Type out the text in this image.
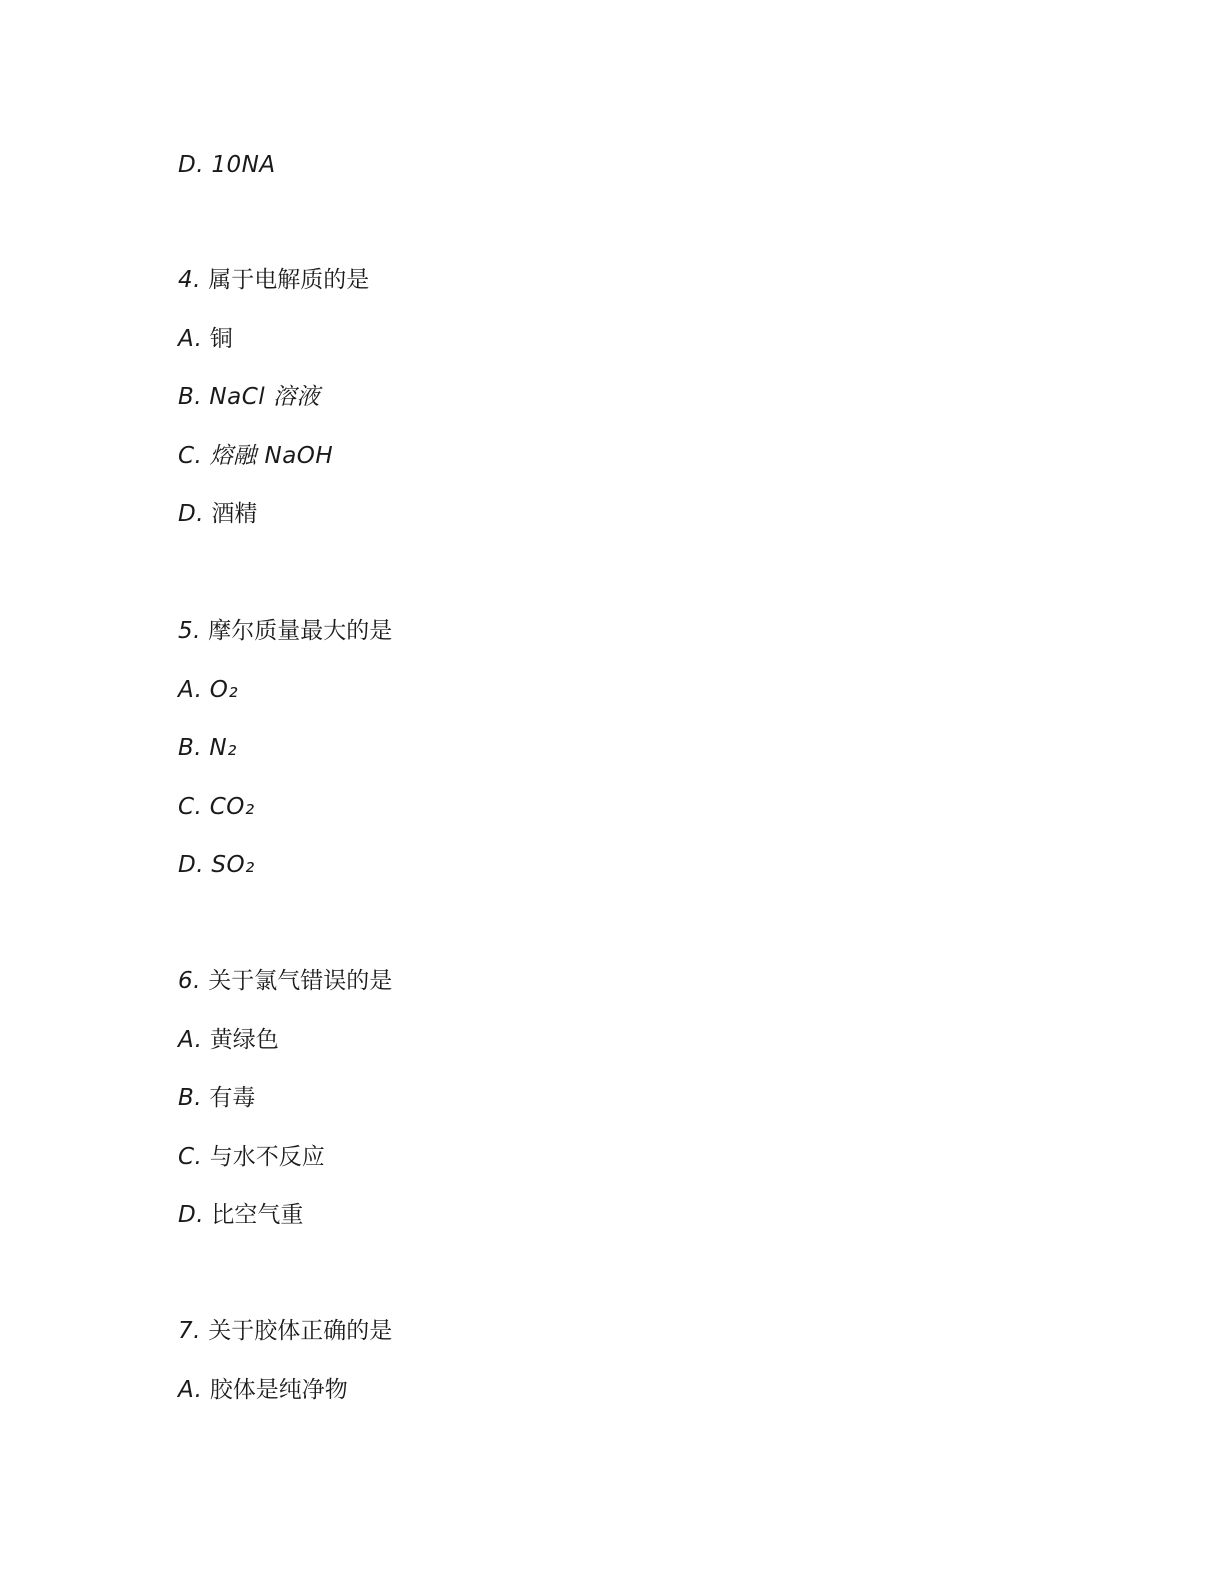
D. 10NA
4. 属于电解质的是
A. 铜
B. NaCl 溶液
C. 熔融 NaOH
D. 酒精
5. 摩尔质量最大的是
A. O₂
B. N₂
C. CO₂
D. SO₂
6. 关于氯气错误的是
A. 黄绿色
B. 有毒
C. 与水不反应
D. 比空气重
7. 关于胶体正确的是
A. 胶体是纯净物
